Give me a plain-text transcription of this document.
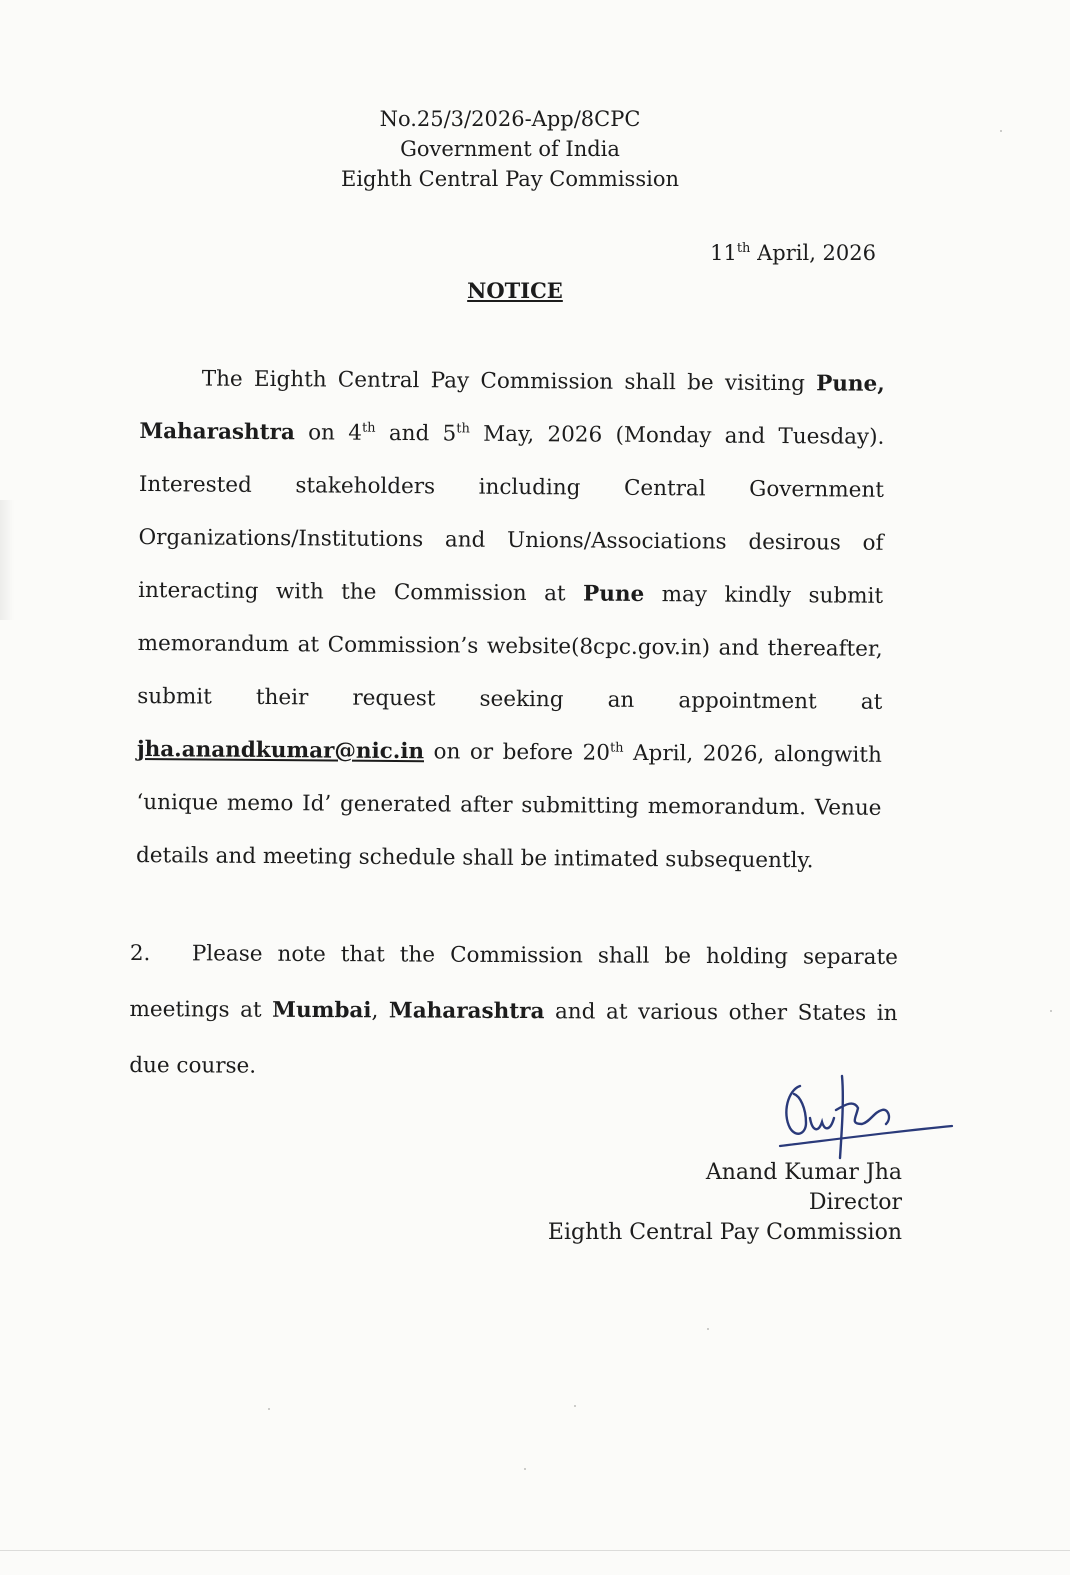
No.25/3/2026-App/8CPC
Government of India
Eighth Central Pay Commission
11th April, 2026
NOTICE
The Eighth Central Pay Commission shall be visiting Pune, Maharashtra on 4th and 5th May, 2026 (Monday and Tuesday). Interested stakeholders including Central Government Organizations/Institutions and Unions/Associations desirous of interacting with the Commission at Pune may kindly submit memorandum at Commission’s website(8cpc.gov.in) and thereafter, submit their request seeking an appointment at jha.anandkumar@nic.in on or before 20th April, 2026, alongwith ‘unique memo Id’ generated after submitting memorandum. Venue details and meeting schedule shall be intimated subsequently.
2. Please note that the Commission shall be holding separate meetings at Mumbai, Maharashtra and at various other States in due course.
Anand Kumar Jha
Director
Eighth Central Pay Commission
